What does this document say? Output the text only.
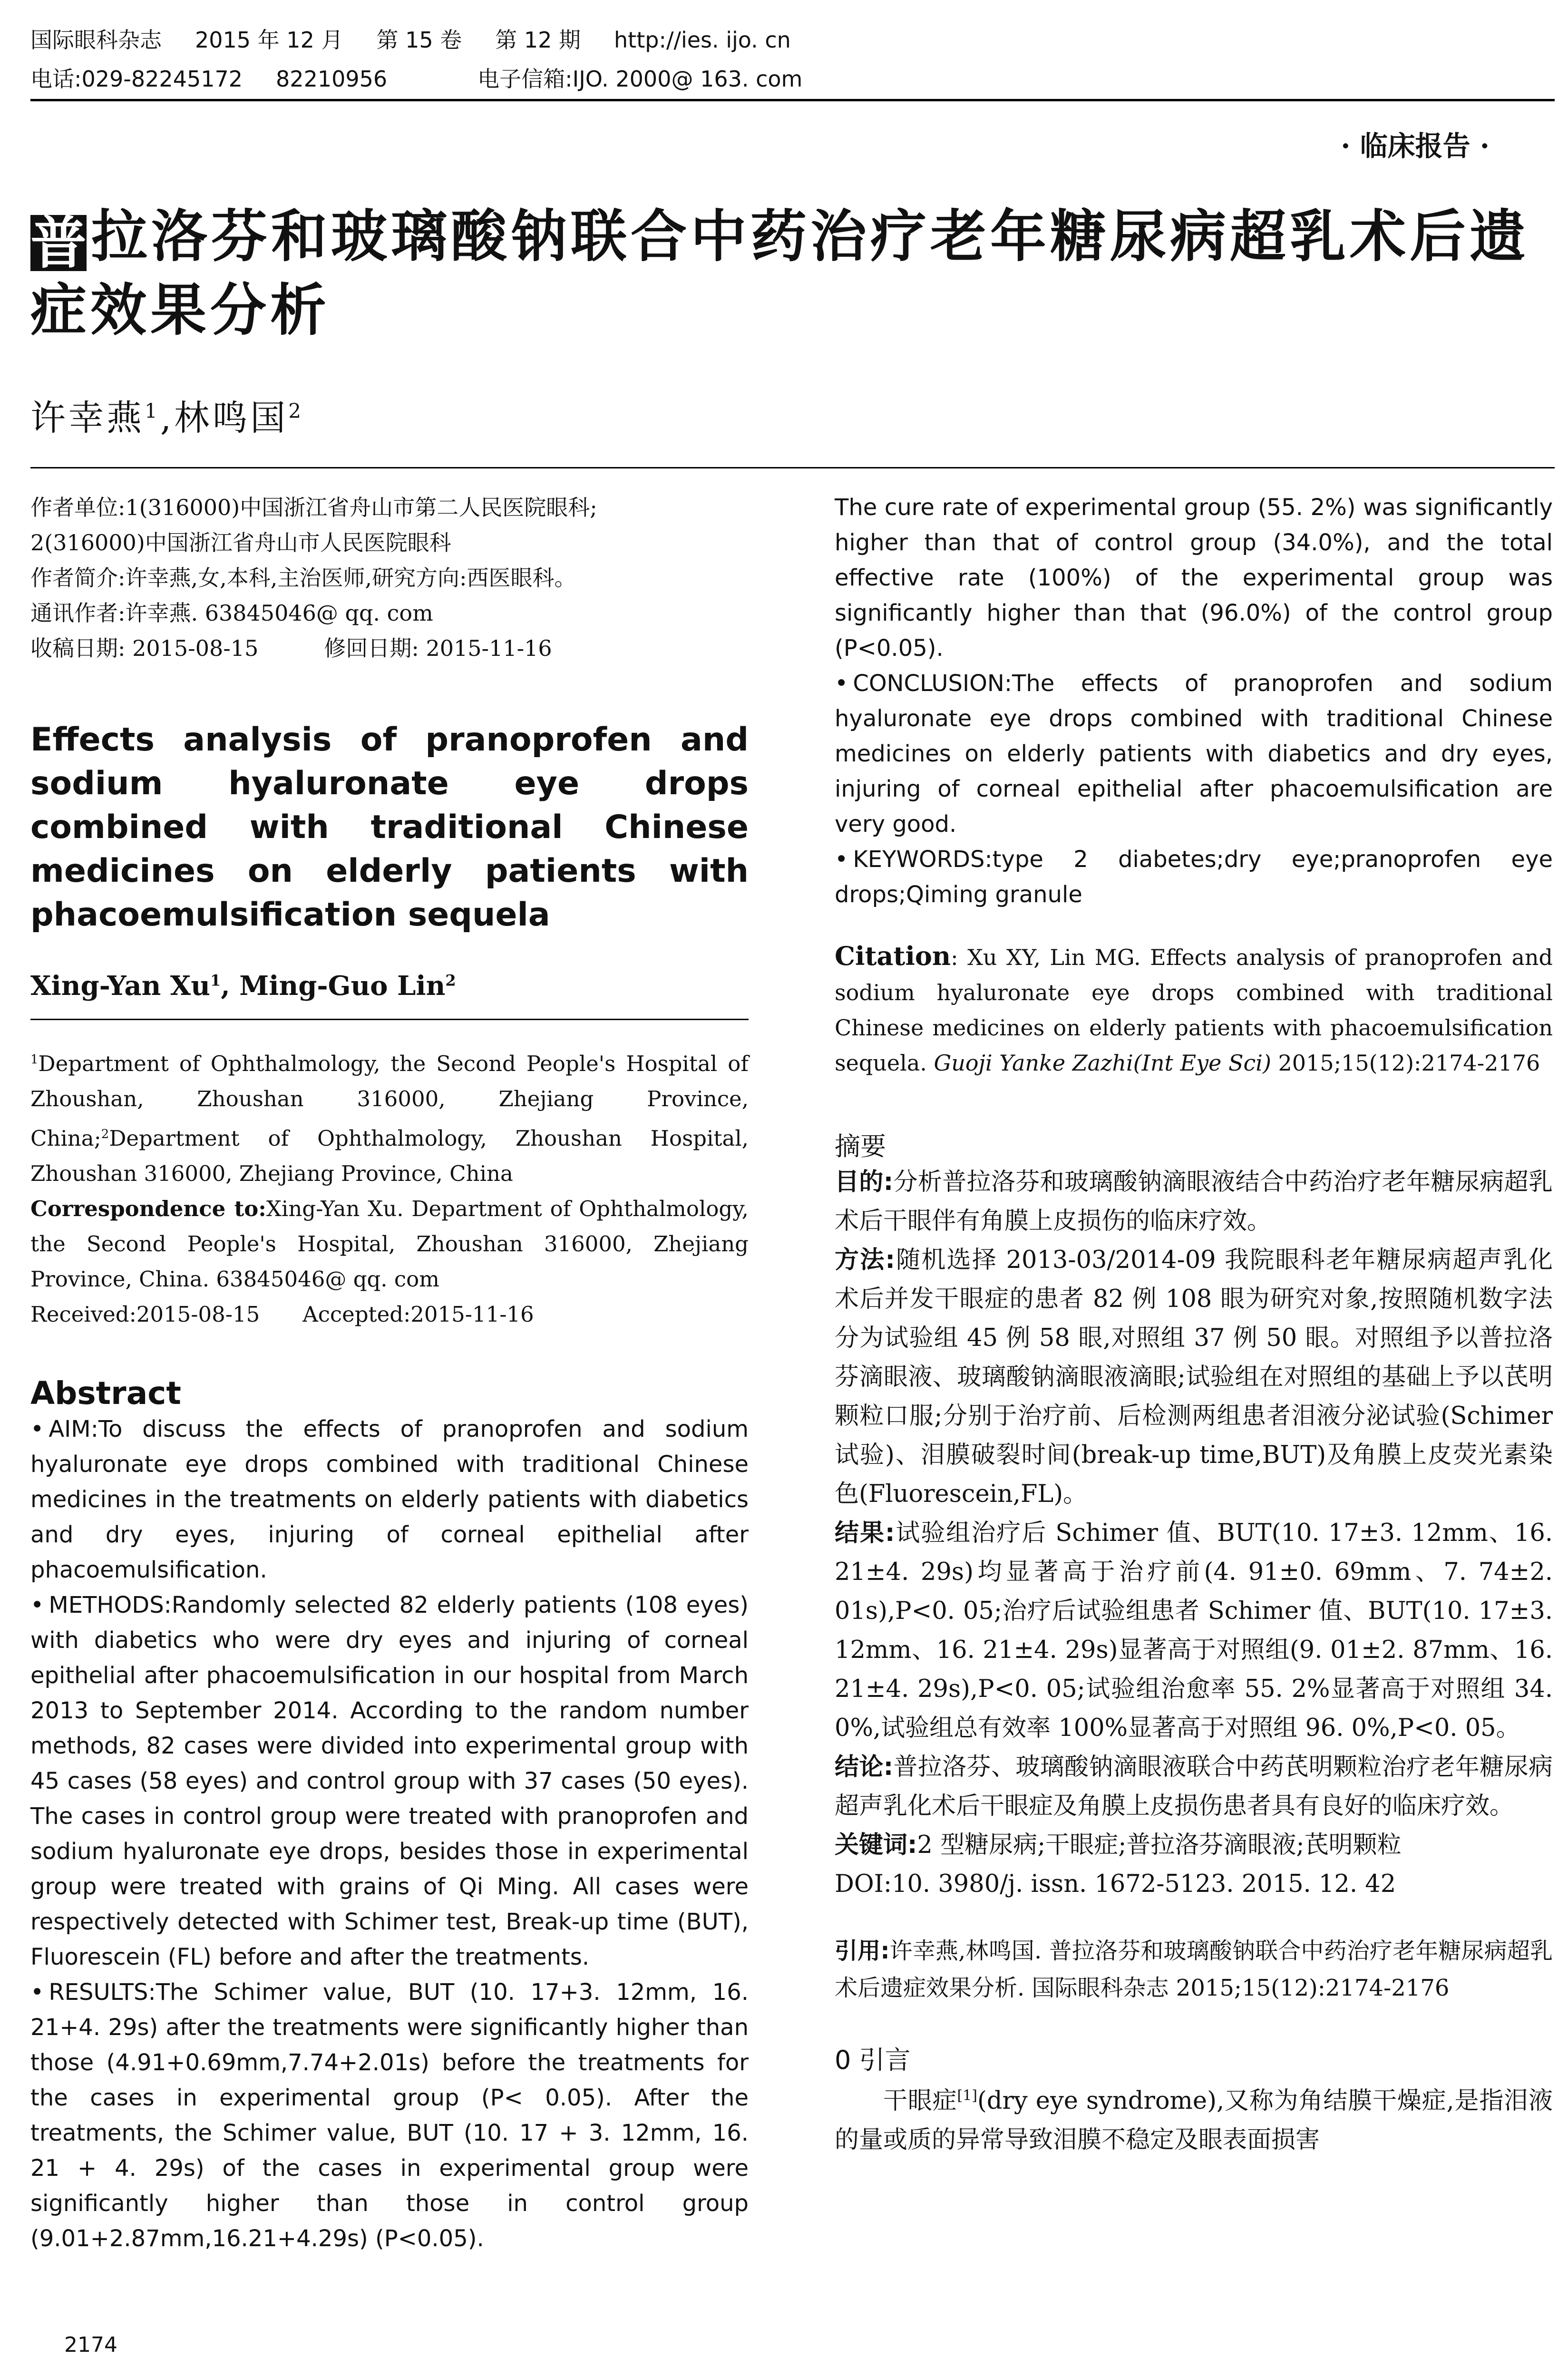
国际眼科杂志 2015 年 12 月 第 15 卷 第 12 期 http://ies. ijo. cn
电话:029-82245172 82210956	电子信箱:IJO. 2000@ 163. com
· 临床报告 ·
普拉洛芬和玻璃酸钠联合中药治疗老年糖尿病超乳术后遗症效果分析
许幸燕$^1$,林鸣国$^2$
作者单位:1(316000)中国浙江省舟山市第二人民医院眼科;
2(316000)中国浙江省舟山市人民医院眼科
作者简介:许幸燕,女,本科,主治医师,研究方向:西医眼科。
通讯作者:许幸燕. 63845046@ qq. com
收稿日期: 2015-08-15　　　修回日期: 2015-11-16
Effects analysis of pranoprofen and sodium hyaluronate eye drops combined with traditional Chinese medicines on elderly patients with phacoemulsification sequela
Xing-Yan Xu$^1$, Ming-Guo Lin$^2$
$^1$Department of Ophthalmology, the Second People's Hospital of Zhoushan, Zhoushan 316000, Zhejiang Province, China;$^2$Department of Ophthalmology, Zhoushan Hospital, Zhoushan 316000, Zhejiang Province, China
Correspondence to:Xing-Yan Xu. Department of Ophthalmology, the Second People's Hospital, Zhoushan 316000, Zhejiang Province, China. 63845046@ qq. com
Received:2015-08-15　　Accepted:2015-11-16
Abstract

• AIM:To discuss the effects of pranoprofen and sodium hyaluronate eye drops combined with traditional Chinese medicines in the treatments on elderly patients with diabetics and dry eyes, injuring of corneal epithelial after phacoemulsification.

• METHODS:Randomly selected 82 elderly patients (108 eyes) with diabetics who were dry eyes and injuring of corneal epithelial after phacoemulsification in our hospital from March 2013 to September 2014. According to the random number methods, 82 cases were divided into experimental group with 45 cases (58 eyes) and control group with 37 cases (50 eyes). The cases in control group were treated with pranoprofen and sodium hyaluronate eye drops, besides those in experimental group were treated with grains of Qi Ming. All cases were respectively detected with Schimer test, Break-up time (BUT), Fluorescein (FL) before and after the treatments.

• RESULTS:The Schimer value, BUT (10. 17+3. 12mm, 16. 21+4. 29s) after the treatments were significantly higher than those (4.91+0.69mm,7.74+2.01s) before the treatments for the cases in experimental group (P< 0.05). After the treatments, the Schimer value, BUT (10. 17 + 3. 12mm, 16. 21 + 4. 29s) of the cases in experimental group were significantly higher than those in control group (9.01+2.87mm,16.21+4.29s) (P<0.05).

The cure rate of experimental group (55. 2%) was significantly higher than that of control group (34.0%), and the total effective rate (100%) of the experimental group was significantly higher than that (96.0%) of the control group (P<0.05).

• CONCLUSION:The effects of pranoprofen and sodium hyaluronate eye drops combined with traditional Chinese medicines on elderly patients with diabetics and dry eyes, injuring of corneal epithelial after phacoemulsification are very good.

• KEYWORDS:type 2 diabetes;dry eye;pranoprofen eye drops;Qiming granule

Citation: Xu XY, Lin MG. Effects analysis of pranoprofen and sodium hyaluronate eye drops combined with traditional Chinese medicines on elderly patients with phacoemulsification sequela. Guoji Yanke Zazhi(Int Eye Sci) 2015;15(12):2174-2176
摘要

目的:分析普拉洛芬和玻璃酸钠滴眼液结合中药治疗老年糖尿病超乳术后干眼伴有角膜上皮损伤的临床疗效。

方法:随机选择 2013-03/2014-09 我院眼科老年糖尿病超声乳化术后并发干眼症的患者 82 例 108 眼为研究对象,按照随机数字法分为试验组 45 例 58 眼,对照组 37 例 50 眼。对照组予以普拉洛芬滴眼液、玻璃酸钠滴眼液滴眼;试验组在对照组的基础上予以芪明颗粒口服;分别于治疗前、后检测两组患者泪液分泌试验(Schimer 试验)、泪膜破裂时间(break-up time,BUT)及角膜上皮荧光素染色(Fluorescein,FL)。

结果:试验组治疗后 Schimer 值、BUT(10. 17±3. 12mm、16. 21±4. 29s)均显著高于治疗前(4. 91±0. 69mm、7. 74±2. 01s),P<0. 05;治疗后试验组患者 Schimer 值、BUT(10. 17±3. 12mm、16. 21±4. 29s)显著高于对照组(9. 01±2. 87mm、16. 21±4. 29s),P<0. 05;试验组治愈率 55. 2%显著高于对照组 34. 0%,试验组总有效率 100%显著高于对照组 96. 0%,P<0. 05。

结论:普拉洛芬、玻璃酸钠滴眼液联合中药芪明颗粒治疗老年糖尿病超声乳化术后干眼症及角膜上皮损伤患者具有良好的临床疗效。

关键词:2 型糖尿病;干眼症;普拉洛芬滴眼液;芪明颗粒

DOI:10. 3980/j. issn. 1672-5123. 2015. 12. 42

引用:许幸燕,林鸣国. 普拉洛芬和玻璃酸钠联合中药治疗老年糖尿病超乳术后遗症效果分析. 国际眼科杂志 2015;15(12):2174-2176
0 引言
干眼症[1](dry eye syndrome),又称为角结膜干燥症,是指泪液的量或质的异常导致泪膜不稳定及眼表面损害
2174
